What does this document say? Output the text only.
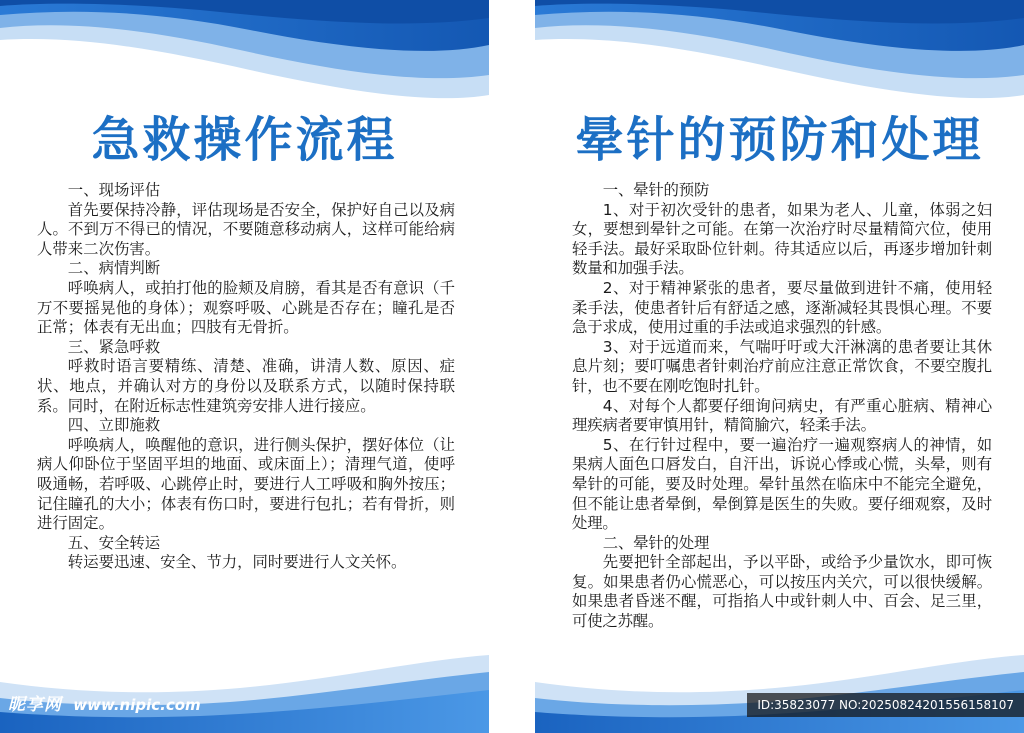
急救操作流程

一、现场评估

首先要保持冷静，评估现场是否安全，保护好自己以及病人。不到万不得已的情况，不要随意移动病人，这样可能给病人带来二次伤害。

二、病情判断

呼唤病人，或拍打他的脸颊及肩膀，看其是否有意识（千万不要摇晃他的身体）；观察呼吸、心跳是否存在；瞳孔是否正常；体表有无出血；四肢有无骨折。

三、紧急呼救

呼救时语言要精练、清楚、准确，讲清人数、原因、症状、地点，并确认对方的身份以及联系方式，以随时保持联系。同时，在附近标志性建筑旁安排人进行接应。

四、立即施救

呼唤病人，唤醒他的意识，进行侧头保护，摆好体位（让病人仰卧位于坚固平坦的地面、或床面上）；清理气道，使呼吸通畅，若呼吸、心跳停止时，要进行人工呼吸和胸外按压；记住瞳孔的大小；体表有伤口时，要进行包扎；若有骨折，则进行固定。

五、安全转运

转运要迅速、安全、节力，同时要进行人文关怀。

昵享网 www.nipic.com
晕针的预防和处理

一、晕针的预防

1、对于初次受针的患者，如果为老人、儿童，体弱之妇女，要想到晕针之可能。在第一次治疗时尽量精简穴位，使用轻手法。最好采取卧位针刺。待其适应以后，再逐步增加针刺数量和加强手法。

2、对于精神紧张的患者，要尽量做到进针不痛，使用轻柔手法，使患者针后有舒适之感，逐渐减轻其畏惧心理。不要急于求成，使用过重的手法或追求强烈的针感。

3、对于远道而来，气喘吁吁或大汗淋漓的患者要让其休息片刻；要叮嘱患者针刺治疗前应注意正常饮食，不要空腹扎针，也不要在刚吃饱时扎针。

4、对每个人都要仔细询问病史，有严重心脏病、精神心理疾病者要审慎用针，精简腧穴，轻柔手法。

5、在行针过程中，要一遍治疗一遍观察病人的神情，如果病人面色口唇发白，自汗出，诉说心悸或心慌，头晕，则有晕针的可能，要及时处理。晕针虽然在临床中不能完全避免，但不能让患者晕倒，晕倒算是医生的失败。要仔细观察，及时处理。

二、晕针的处理

先要把针全部起出，予以平卧，或给予少量饮水，即可恢复。如果患者仍心慌恶心，可以按压内关穴，可以很快缓解。如果患者昏迷不醒，可指掐人中或针刺人中、百会、足三里，可使之苏醒。

ID:35823077 NO:20250824201556158107
